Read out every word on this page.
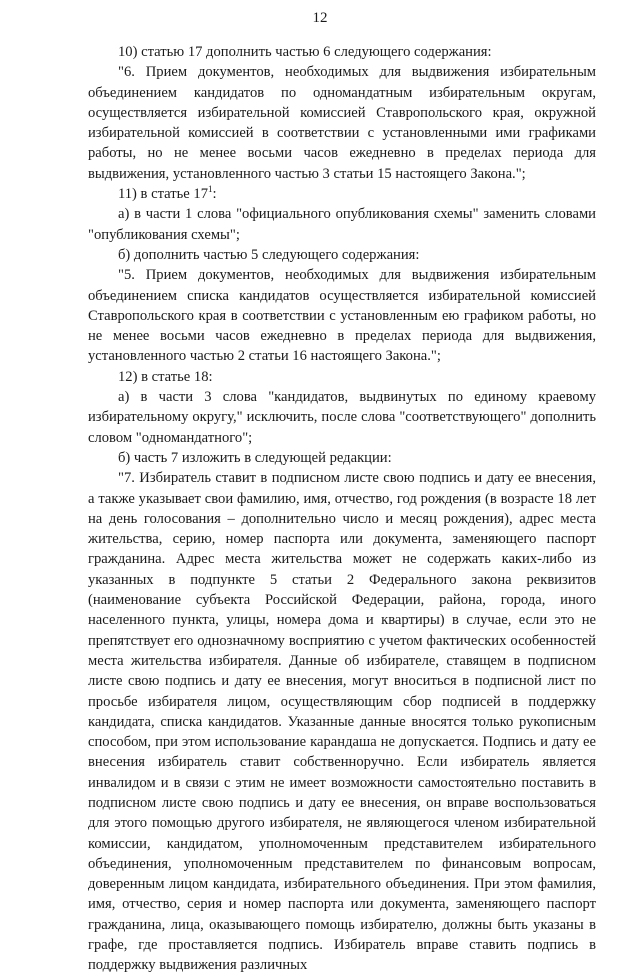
12

10) статью 17 дополнить частью 6 следующего содержания:

"6. Прием документов, необходимых для выдвижения избирательным объединением кандидатов по одномандатным избирательным округам, осуществляется избирательной комиссией Ставропольского края, окружной избирательной комиссией в соответствии с установленными ими графиками работы, но не менее восьми часов ежедневно в пределах периода для выдвижения, установленного частью 3 статьи 15 настоящего Закона.";

11) в статье $17^1$:

а) в части 1 слова "официального опубликования схемы" заменить словами "опубликования схемы";

б) дополнить частью 5 следующего содержания:

"5. Прием документов, необходимых для выдвижения избирательным объединением списка кандидатов осуществляется избирательной комиссией Ставропольского края в соответствии с установленным ею графиком работы, но не менее восьми часов ежедневно в пределах периода для выдвижения, установленного частью 2 статьи 16 настоящего Закона.";

12) в статье 18:

а) в части 3 слова "кандидатов, выдвинутых по единому краевому избирательному округу," исключить, после слова "соответствующего" дополнить словом "одномандатного";

б) часть 7 изложить в следующей редакции:

"7. Избиратель ставит в подписном листе свою подпись и дату ее внесения, а также указывает свои фамилию, имя, отчество, год рождения (в возрасте 18 лет на день голосования – дополнительно число и месяц рождения), адрес места жительства, серию, номер паспорта или документа, заменяющего паспорт гражданина. Адрес места жительства может не содержать каких-либо из указанных в подпункте 5 статьи 2 Федерального закона реквизитов (наименование субъекта Российской Федерации, района, города, иного населенного пункта, улицы, номера дома и квартиры) в случае, если это не препятствует его однозначному восприятию с учетом фактических особенностей места жительства избирателя. Данные об избирателе, ставящем в подписном листе свою подпись и дату ее внесения, могут вноситься в подписной лист по просьбе избирателя лицом, осуществляющим сбор подписей в поддержку кандидата, списка кандидатов. Указанные данные вносятся только рукописным способом, при этом использование карандаша не допускается. Подпись и дату ее внесения избиратель ставит собственноручно. Если избиратель является инвалидом и в связи с этим не имеет возможности самостоятельно поставить в подписном листе свою подпись и дату ее внесения, он вправе воспользоваться для этого помощью другого избирателя, не являющегося членом избирательной комиссии, кандидатом, уполномоченным представителем избирательного объединения, уполномоченным представителем по финансовым вопросам, доверенным лицом кандидата, избирательного объединения. При этом фамилия, имя, отчество, серия и номер паспорта или документа, заменяющего паспорт гражданина, лица, оказывающего помощь избирателю, должны быть указаны в графе, где проставляется подпись. Избиратель вправе ставить подпись в поддержку выдвижения различных
